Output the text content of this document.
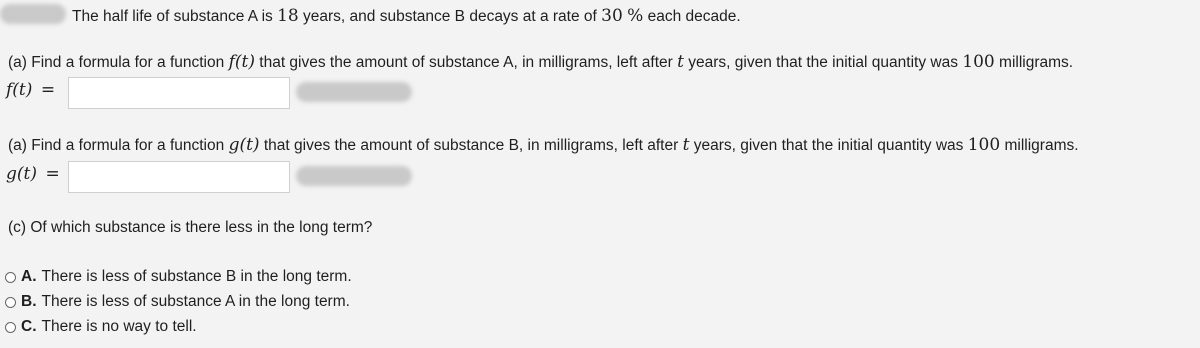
The half life of substance A is 18 years, and substance B decays at a rate of 30 % each decade.
(a) Find a formula for a function f(t) that gives the amount of substance A, in milligrams, left after t years, given that the initial quantity was 100 milligrams.
f(t) =
(a) Find a formula for a function g(t) that gives the amount of substance B, in milligrams, left after t years, given that the initial quantity was 100 milligrams.
g(t) =
(c) Of which substance is there less in the long term?
A. There is less of substance B in the long term.
B. There is less of substance A in the long term.
C. There is no way to tell.
